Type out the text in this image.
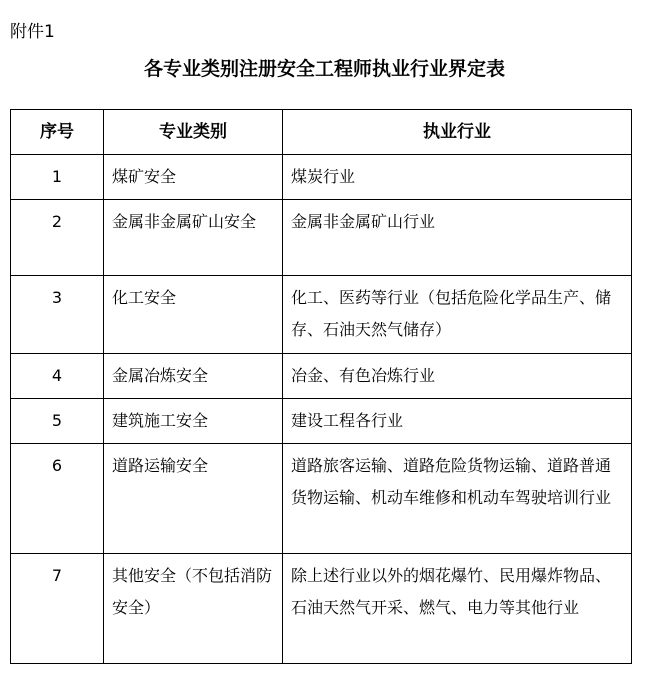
附件1
各专业类别注册安全工程师执业行业界定表
序号	专业类别	执业行业
1	煤矿安全	煤炭行业
2	金属非金属矿山安全	金属非金属矿山行业
3	化工安全	化工、医药等行业（包括危险化学品生产、储存、石油天然气储存）
4	金属冶炼安全	冶金、有色冶炼行业
5	建筑施工安全	建设工程各行业
6	道路运输安全	道路旅客运输、道路危险货物运输、道路普通货物运输、机动车维修和机动车驾驶培训行业
7	其他安全（不包括消防安全）	除上述行业以外的烟花爆竹、民用爆炸物品、石油天然气开采、燃气、电力等其他行业
